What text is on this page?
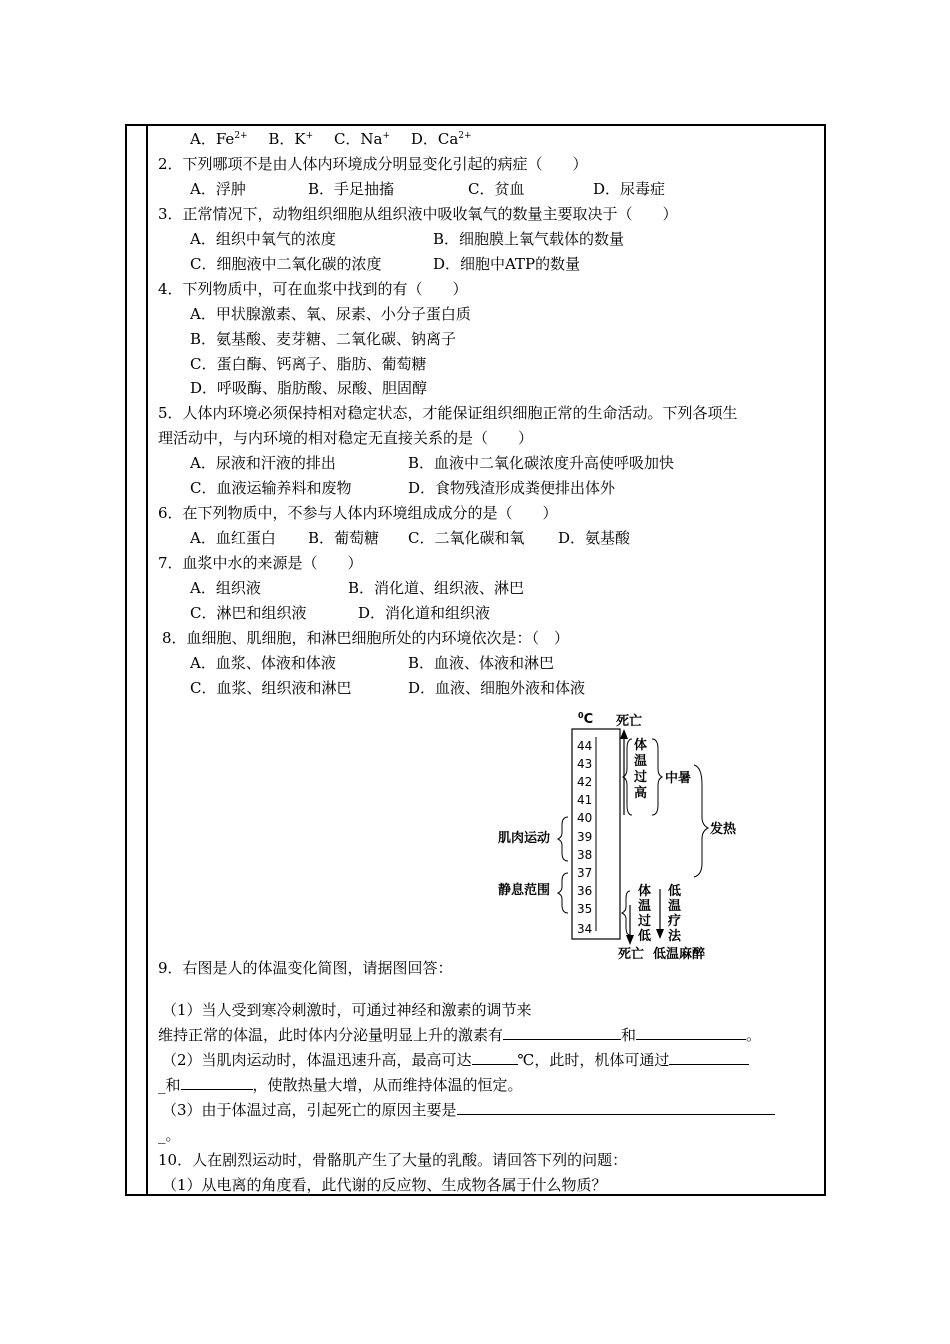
A．$Fe^{2+}$ B．K+ C．Na+ D．$Ca^{2+}$
2．下列哪项不是由人体内环境成分明显变化引起的病症（　　）
A．浮肿	B．手足抽搐	C．贫血	D．尿毒症
3．正常情况下，动物组织细胞从组织液中吸收氧气的数量主要取决于（　　）
A．组织中氧气的浓度	B．细胞膜上氧气载体的数量
C．细胞液中二氧化碳的浓度	D．细胞中ATP的数量
4．下列物质中，可在血浆中找到的有（　　）
A．甲状腺激素、氧、尿素、小分子蛋白质
B．氨基酸、麦芽糖、二氧化碳、钠离子
C．蛋白酶、钙离子、脂肪、葡萄糖
D．呼吸酶、脂肪酸、尿酸、胆固醇
5．人体内环境必须保持相对稳定状态，才能保证组织细胞正常的生命活动。下列各项生
理活动中，与内环境的相对稳定无直接关系的是（　　）
A．尿液和汗液的排出	B．血液中二氧化碳浓度升高使呼吸加快
C．血液运输养料和废物	D．食物残渣形成粪便排出体外
6．在下列物质中，不参与人体内环境组成成分的是（　　）
A．血红蛋白 B．葡萄糖 C．二氧化碳和氧 D．氨基酸
7．血浆中水的来源是（　　）
A．组织液	B．消化道、组织液、淋巴
C．淋巴和组织液	D．消化道和组织液
8．血细胞、肌细胞，和淋巴细胞所处的内环境依次是：（　）
A．血浆、体液和体液	B．血液、体液和淋巴
C．血浆、组织液和淋巴	D．血液、细胞外液和体液
$^0$C 死亡
44
43
42
41
40
39
38
37
36
35
34
体
温
过
高
中暑
发热
肌肉运动
静息范围	体
温
过
低
低
温
疗
法
死亡 低温麻醉
9．右图是人的体温变化简图，请据图回答：
（1）当人受到寒冷刺激时，可通过神经和激素的调节来
维持正常的体温，此时体内分泌量明显上升的激素有	和	。
（2）当肌肉运动时，体温迅速升高，最高可达	℃，此时，机体可通过
_和	，使散热量大增，从而维持体温的恒定。
（3）由于体温过高，引起死亡的原因主要是
_。
10．人在剧烈运动时，骨骼肌产生了大量的乳酸。请回答下列的问题：
（1）从电离的角度看，此代谢的反应物、生成物各属于什么物质？
